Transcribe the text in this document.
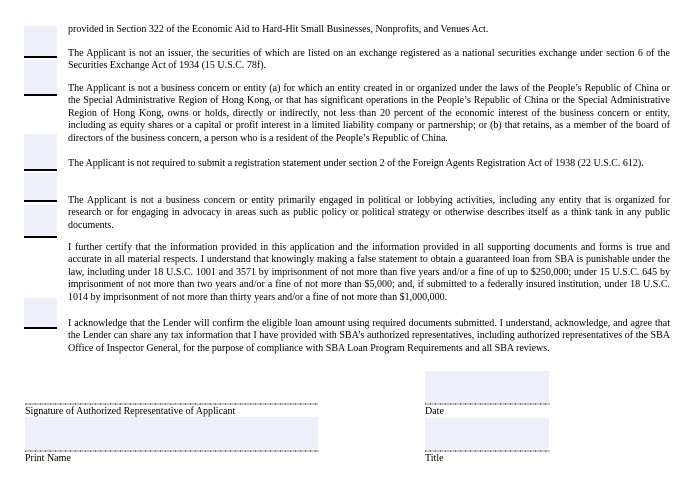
provided in Section 322 of the Economic Aid to Hard-Hit Small Businesses, Nonprofits, and Venues Act.

The Applicant is not an issuer, the securities of which are listed on an exchange registered as a national securities exchange under section 6 of the Securities Exchange Act of 1934 (15 U.S.C. 78f).

The Applicant is not a business concern or entity (a) for which an entity created in or organized under the laws of the People’s Republic of China or the Special Administrative Region of Hong Kong, or that has significant operations in the People’s Republic of China or the Special Administrative Region of Hong Kong, owns or holds, directly or indirectly, not less than 20 percent of the economic interest of the business concern or entity, including as equity shares or a capital or profit interest in a limited liability company or partnership; or (b) that retains, as a member of the board of directors of the business concern, a person who is a resident of the People’s Republic of China.

The Applicant is not required to submit a registration statement under section 2 of the Foreign Agents Registration Act of 1938 (22 U.S.C. 612).

The Applicant is not a business concern or entity primarily engaged in political or lobbying activities, including any entity that is organized for research or for engaging in advocacy in areas such as public policy or political strategy or otherwise describes itself as a think tank in any public documents.

I further certify that the information provided in this application and the information provided in all supporting documents and forms is true and accurate in all material respects. I understand that knowingly making a false statement to obtain a guaranteed loan from SBA is punishable under the law, including under 18 U.S.C. 1001 and 3571 by imprisonment of not more than five years and/or a fine of up to $250,000; under 15 U.S.C. 645 by imprisonment of not more than two years and/or a fine of not more than $5,000; and, if submitted to a federally insured institution, under 18 U.S.C. 1014 by imprisonment of not more than thirty years and/or a fine of not more than $1,000,000.

I acknowledge that the Lender will confirm the eligible loan amount using required documents submitted. I understand, acknowledge, and agree that the Lender can share any tax information that I have provided with SBA’s authorized representatives, including authorized representatives of the SBA Office of Inspector General, for the purpose of compliance with SBA Loan Program Requirements and all SBA reviews.

Signature of Authorized Representative of Applicant	Date
Print Name	Title
